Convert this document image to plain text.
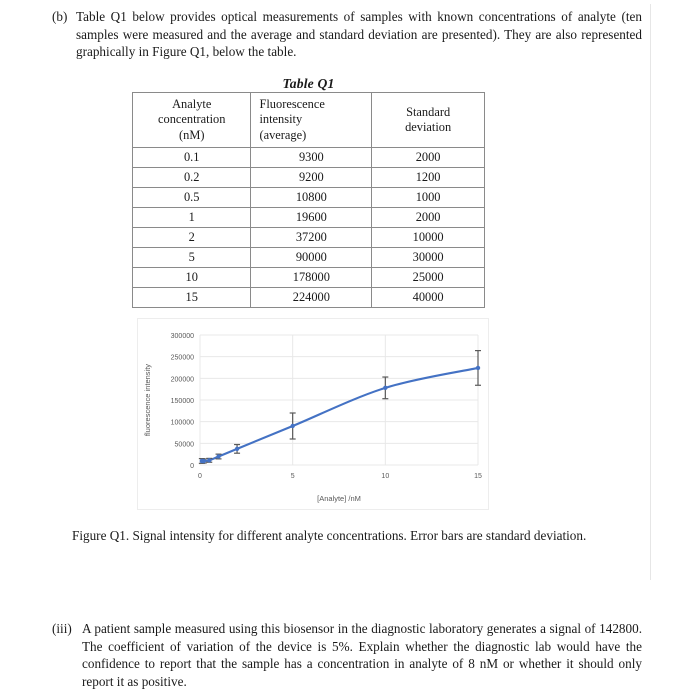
(b) Table Q1 below provides optical measurements of samples with known concentrations of analyte (ten samples were measured and the average and standard deviation are presented). They are also represented graphically in Figure Q1, below the table.
Table Q1
Analyte
concentration
(nM)

Fluorescence
intensity
(average)

Standard
deviation

0.1	9300	2000
0.2	9200	1200
0.5	10800	1000
1	19600	2000
2	37200	10000
5	90000	30000
10	178000	25000
15	224000	40000
0
50000
100000
150000
200000
250000
300000
0	5	10	15
[Analyte] /nM
fluorescence intensity
Figure Q1. Signal intensity for different analyte concentrations. Error bars are standard deviation.
(iii) A patient sample measured using this biosensor in the diagnostic laboratory generates a signal of 142800. The coefficient of variation of the device is 5%. Explain whether the diagnostic lab would have the confidence to report that the sample has a concentration in analyte of 8 nM or whether it should only report it as positive.
